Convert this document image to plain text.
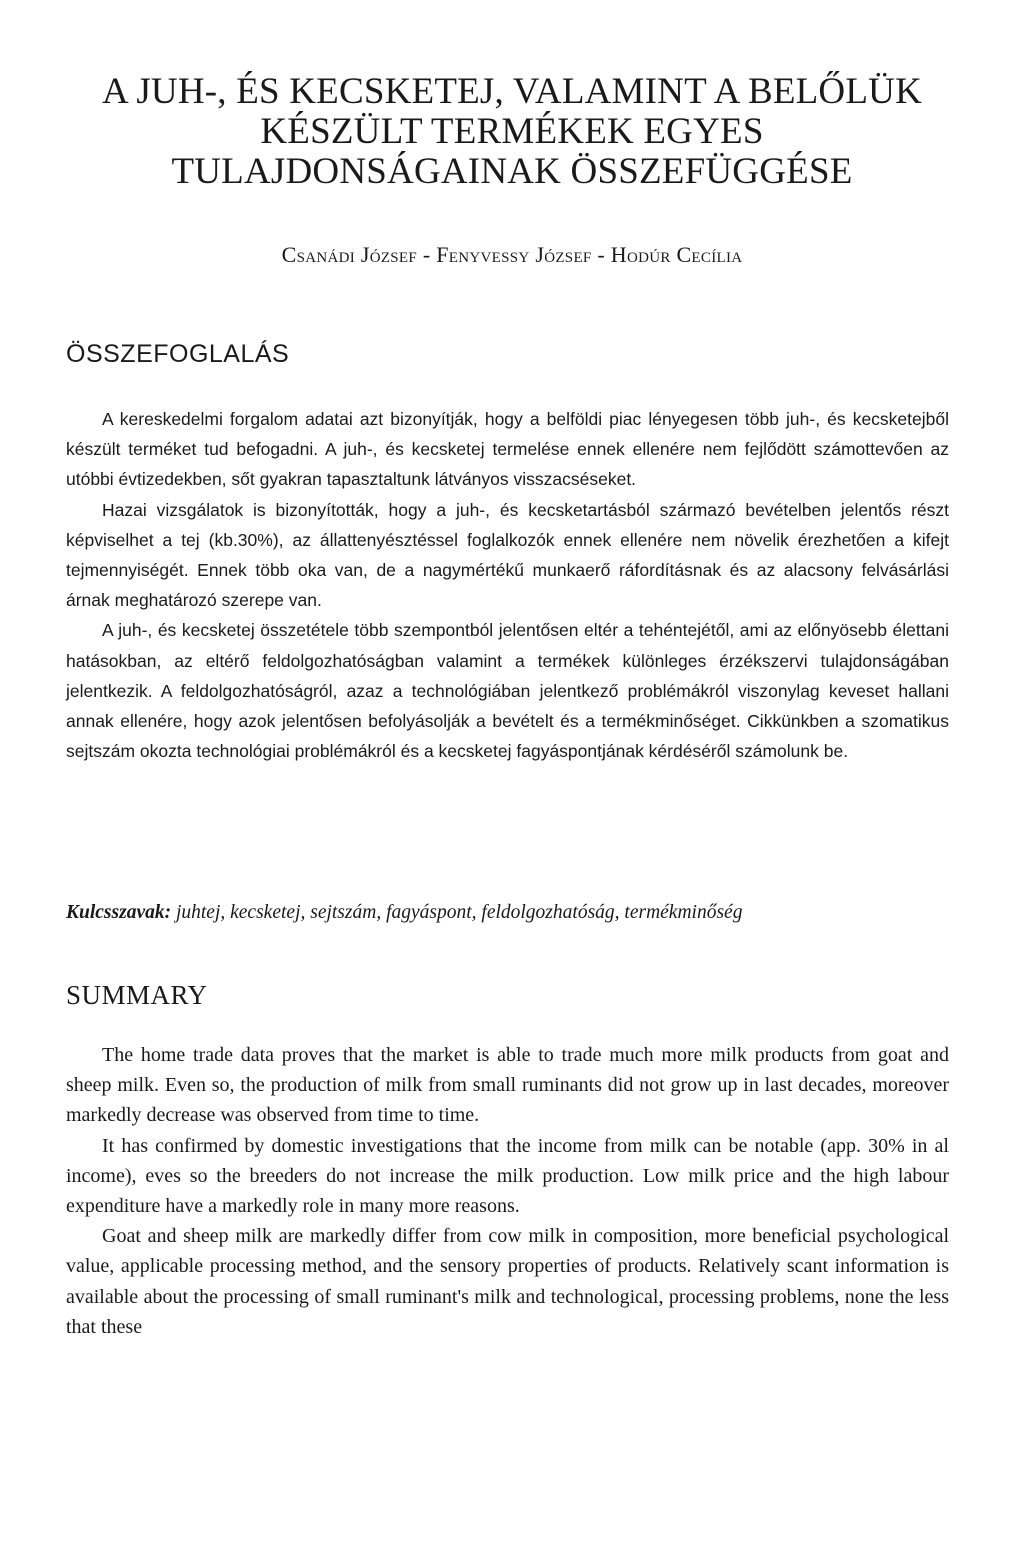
A JUH-, ÉS KECSKETEJ, VALAMINT A BELŐLÜK
KÉSZÜLT TERMÉKEK EGYES
TULAJDONSÁGAINAK ÖSSZEFÜGGÉSE

Csanádi József - Fenyvessy József - Hodúr Cecília

ÖSSZEFOGLALÁS

A kereskedelmi forgalom adatai azt bizonyítják, hogy a belföldi piac lényegesen több juh-, és kecsketejből készült terméket tud befogadni. A juh-, és kecsketej termelése ennek ellenére nem fejlődött számottevően az utóbbi évtizedekben, sőt gyakran tapasztaltunk látványos visszacséseket.

Hazai vizsgálatok is bizonyították, hogy a juh-, és kecsketartásból származó bevételben jelentős részt képviselhet a tej (kb.30%), az állattenyésztéssel foglalkozók ennek ellenére nem növelik érezhetően a kifejt tejmennyiségét. Ennek több oka van, de a nagymértékű munkaerő ráfordításnak és az alacsony felvásárlási árnak meghatározó szerepe van.

A juh-, és kecsketej összetétele több szempontból jelentősen eltér a tehéntejétől, ami az előnyösebb élettani hatásokban, az eltérő feldolgozhatóságban valamint a termékek különleges érzékszervi tulajdonságában jelentkezik. A feldolgozhatóságról, azaz a technológiában jelentkező problémákról viszonylag keveset hallani annak ellenére, hogy azok jelentősen befolyásolják a bevételt és a termékminőséget. Cikkünkben a szomatikus sejtszám okozta technológiai problémákról és a kecsketej fagyáspontjának kérdéséről számolunk be.

Kulcsszavak: juhtej, kecsketej, sejtszám, fagyáspont, feldolgozhatóság, termékminőség

SUMMARY

The home trade data proves that the market is able to trade much more milk products from goat and sheep milk. Even so, the production of milk from small ruminants did not grow up in last decades, moreover markedly decrease was observed from time to time.

It has confirmed by domestic investigations that the income from milk can be notable (app. 30% in al income), eves so the breeders do not increase the milk production. Low milk price and the high labour expenditure have a markedly role in many more reasons.

Goat and sheep milk are markedly differ from cow milk in composition, more beneficial psychological value, applicable processing method, and the sensory properties of products. Relatively scant information is available about the processing of small ruminant's milk and technological, processing problems, none the less that these
